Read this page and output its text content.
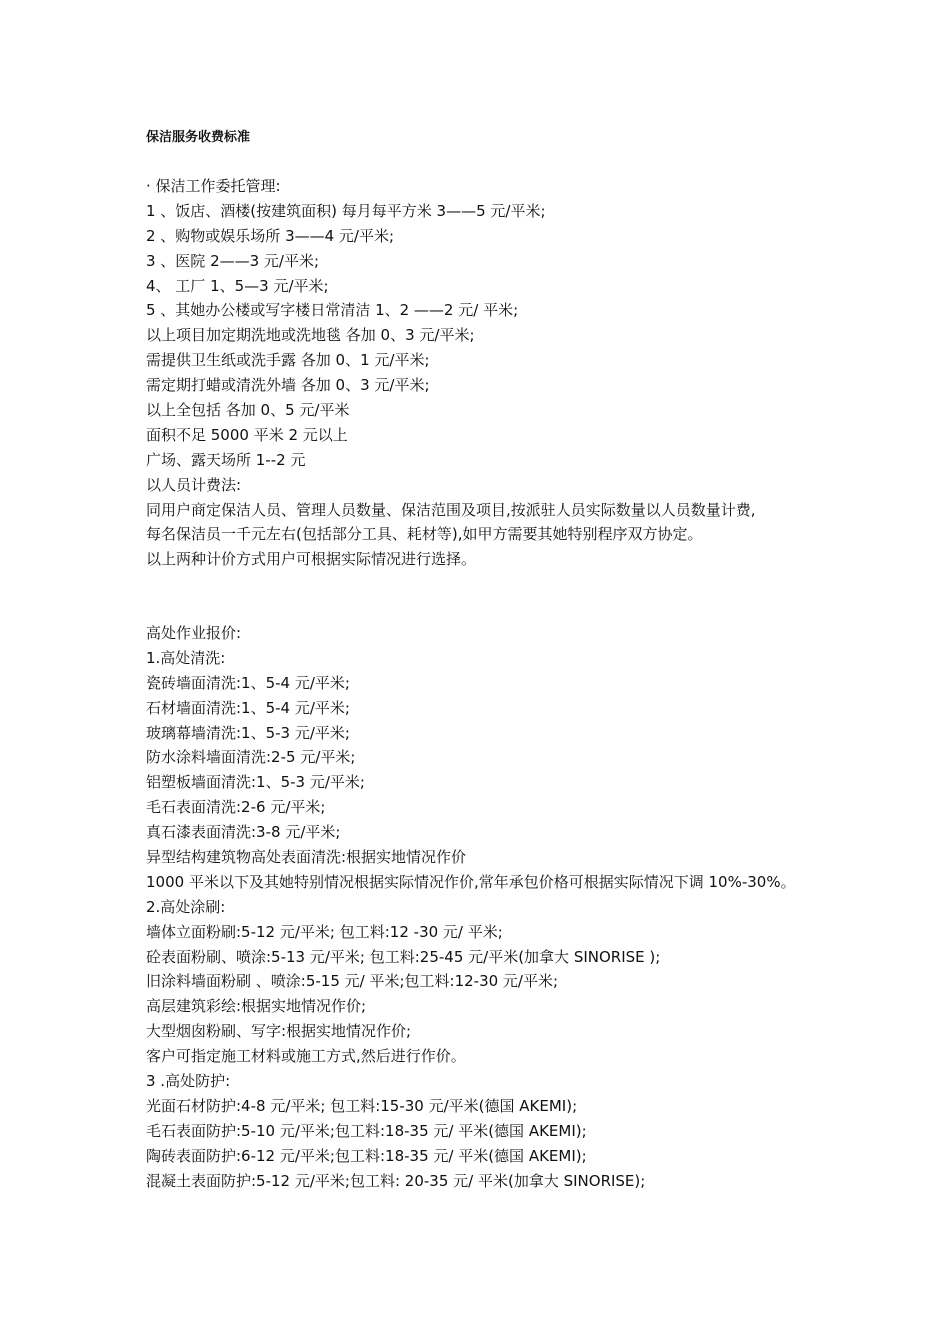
保洁服务收费标准
· 保洁工作委托管理:
1 、饭店、酒楼(按建筑面积) 每月每平方米 3——5 元/平米;
2 、购物或娱乐场所 3——4 元/平米;
3 、医院 2——3 元/平米;
4、 工厂 1、5—3 元/平米;
5 、其她办公楼或写字楼日常清洁 1、2 ——2 元/ 平米;
以上项目加定期洗地或洗地毯 各加 0、3 元/平米;
需提供卫生纸或洗手露 各加 0、1 元/平米;
需定期打蜡或清洗外墙 各加 0、3 元/平米;
以上全包括 各加 0、5 元/平米
面积不足 5000 平米 2 元以上
广场、露天场所 1--2 元
以人员计费法:
同用户商定保洁人员、管理人员数量、保洁范围及项目,按派驻人员实际数量以人员数量计费,
每名保洁员一千元左右(包括部分工具、耗材等),如甲方需要其她特别程序双方协定。
以上两种计价方式用户可根据实际情况进行选择。
高处作业报价:
1.高处清洗:
瓷砖墙面清洗:1、5-4 元/平米;
石材墙面清洗:1、5-4 元/平米;
玻璃幕墙清洗:1、5-3 元/平米;
防水涂料墙面清洗:2-5 元/平米;
铝塑板墙面清洗:1、5-3 元/平米;
毛石表面清洗:2-6 元/平米;
真石漆表面清洗:3-8 元/平米;
异型结构建筑物高处表面清洗:根据实地情况作价
1000 平米以下及其她特别情况根据实际情况作价,常年承包价格可根据实际情况下调 10%-30%。
2.高处涂刷:
墙体立面粉刷:5-12 元/平米; 包工料:12 -30 元/ 平米;
砼表面粉刷、喷涂:5-13 元/平米; 包工料:25-45 元/平米(加拿大 SINORISE );
旧涂料墙面粉刷 、喷涂:5-15 元/ 平米;包工料:12-30 元/平米;
高层建筑彩绘:根据实地情况作价;
大型烟囱粉刷、写字:根据实地情况作价;
客户可指定施工材料或施工方式,然后进行作价。
3 .高处防护:
光面石材防护:4-8 元/平米; 包工料:15-30 元/平米(德国 AKEMI);
毛石表面防护:5-10 元/平米;包工料:18-35 元/ 平米(德国 AKEMI);
陶砖表面防护:6-12 元/平米;包工料:18-35 元/ 平米(德国 AKEMI);
混凝土表面防护:5-12 元/平米;包工料: 20-35 元/ 平米(加拿大 SINORISE);
